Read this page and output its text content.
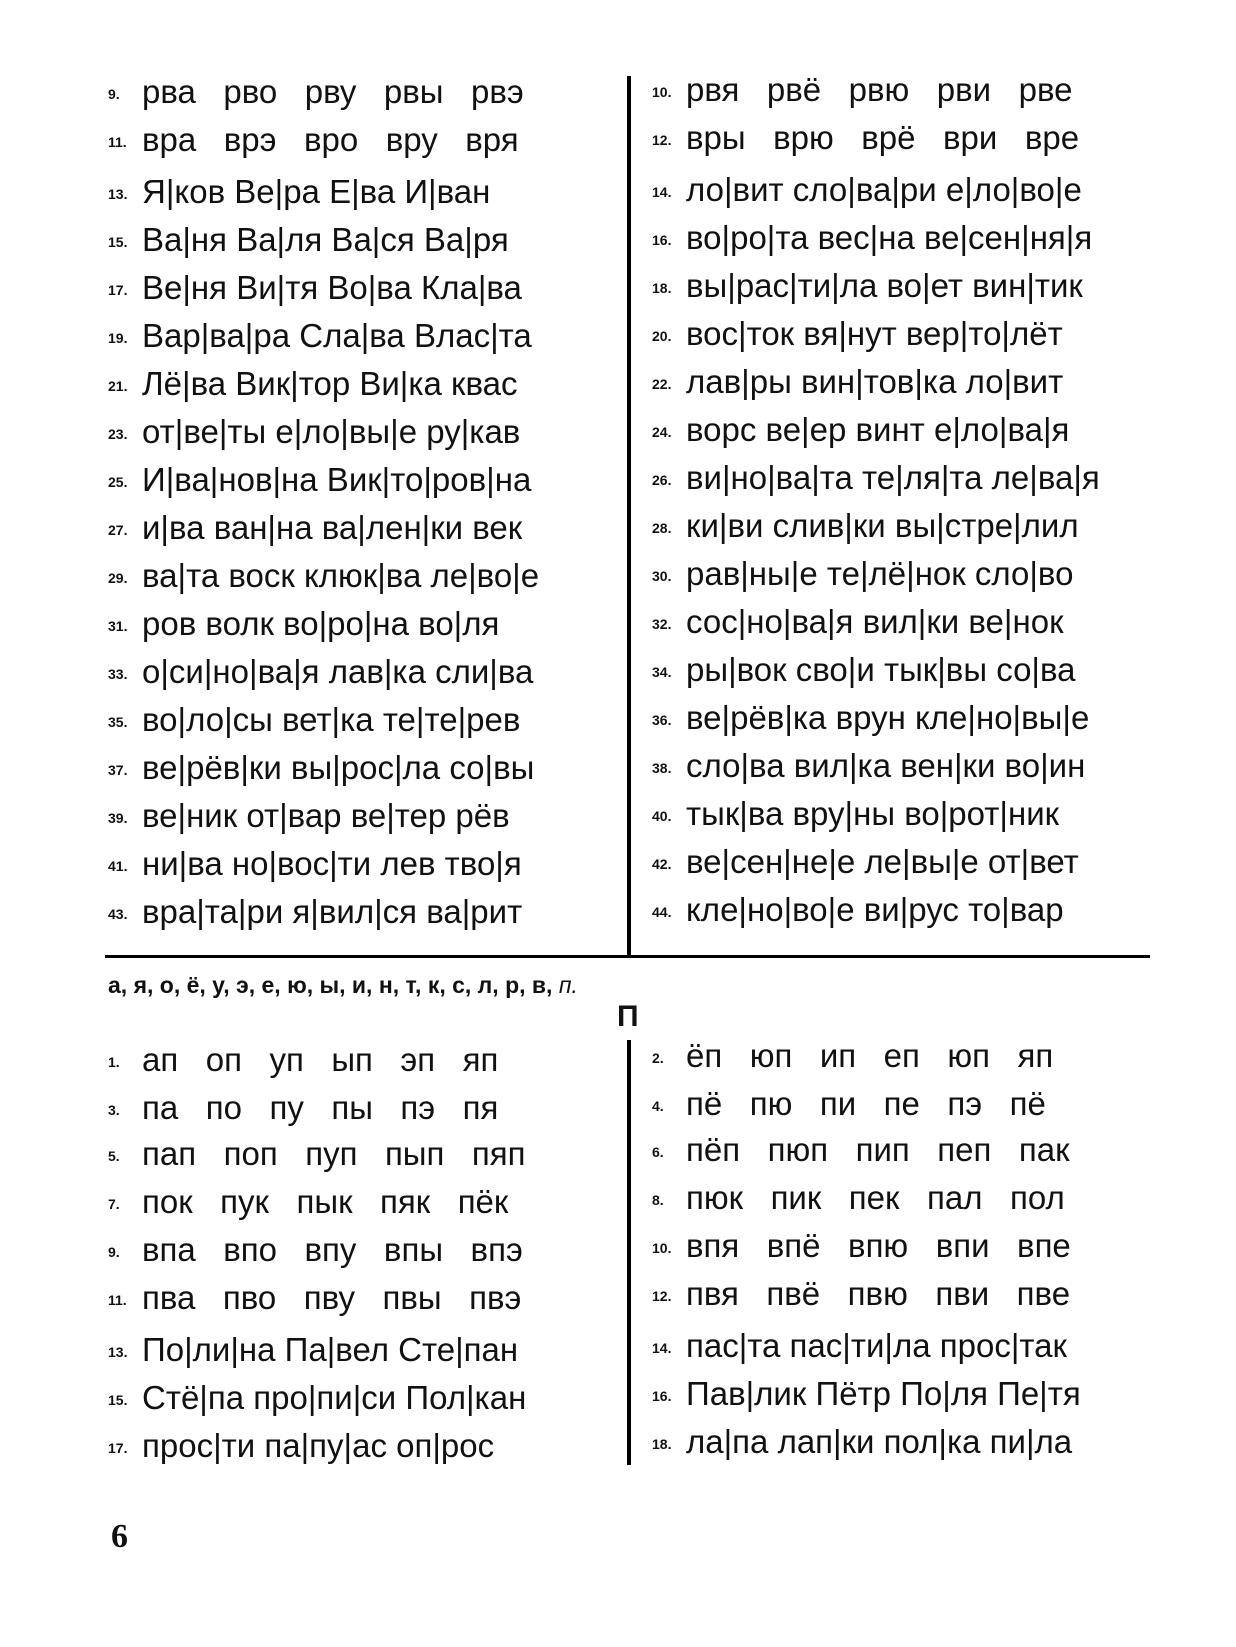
9. рва   рво   рву   рвы   рвэ
11. вра   врэ   вро   вру   вря
13. Я|ков Ве|ра Е|ва И|ван
15. Ва|ня Ва|ля Ва|ся Ва|ря
17. Ве|ня Ви|тя Во|ва Кла|ва
19. Вар|ва|ра Сла|ва Влас|та
21. Лё|ва Вик|тор Ви|ка квас
23. от|ве|ты е|ло|вы|е ру|кав
25. И|ва|нов|на Вик|то|ров|на
27. и|ва ван|на ва|лен|ки век
29. ва|та воск клюк|ва ле|во|е
31. ров волк во|ро|на во|ля
33. о|си|но|ва|я лав|ка сли|ва
35. во|ло|сы вет|ка те|те|рев
37. ве|рёв|ки вы|рос|ла со|вы
39. ве|ник от|вар ве|тер рёв
41. ни|ва но|вос|ти лев тво|я
43. вра|та|ри я|вил|ся ва|рит
10. рвя   рвё   рвю   рви   рве
12. вры   врю   врё   ври   вре
14. ло|вит сло|ва|ри е|ло|во|е
16. во|ро|та вес|на ве|сен|ня|я
18. вы|рас|ти|ла во|ет вин|тик
20. вос|ток вя|нут вер|то|лёт
22. лав|ры вин|тов|ка ло|вит
24. ворс ве|ер винт е|ло|ва|я
26. ви|но|ва|та те|ля|та ле|ва|я
28. ки|ви слив|ки вы|стре|лил
30. рав|ны|е те|лё|нок сло|во
32. сос|но|ва|я вил|ки ве|нок
34. ры|вок сво|и тык|вы со|ва
36. ве|рёв|ка врун кле|но|вы|е
38. сло|ва вил|ка вен|ки во|ин
40. тык|ва вру|ны во|рот|ник
42. ве|сен|не|е ле|вы|е от|вет
44. кле|но|во|е ви|рус то|вар
а, я, о, ё, у, э, е, ю, ы, и, н, т, к, с, л, р, в, п.
П
1. ап   оп   уп   ып   эп   яп
3. па   по   пу   пы   пэ   пя
5. пап   поп   пуп   пып   пяп
7. пок   пук   пык   пяк   пёк
9. впа   впо   впу   впы   впэ
11. пва   пво   пву   пвы   пвэ
13. По|ли|на Па|вел Сте|пан
15. Стё|па про|пи|си Пол|кан
17. прос|ти па|пу|ас оп|рос
2. ёп   юп   ип   еп   юп   яп
4. пё   пю   пи   пе   пэ   пё
6. пёп   пюп   пип   пеп   пак
8. пюк   пик   пек   пал   пол
10. впя   впё   впю   впи   впе
12. пвя   пвё   пвю   пви   пве
14. пас|та пас|ти|ла прос|так
16. Пав|лик Пётр По|ля Пе|тя
18. ла|па лап|ки пол|ка пи|ла
6
